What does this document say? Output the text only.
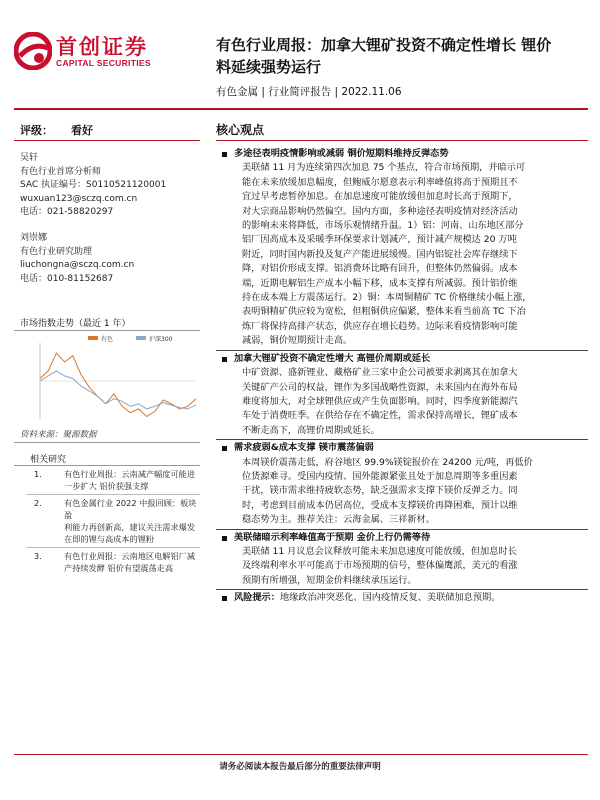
首创证券
CAPITAL SECURITIES
有色行业周报：加拿大锂矿投资不确定性增长 锂价
料延续强势运行
有色金属 | 行业简评报告 | 2022.11.06
评级： 看好	核心观点
吴轩
有色行业首席分析师
SAC 执证编号：S0110521120001
wuxuan123@sczq.com.cn
电话：021-58820297
刘崇娜
有色行业研究助理
liuchongna@sczq.com.cn
电话：010-81152687
市场指数走势（最近 1 年）
有色	沪深300
资料来源：聚源数据
相关研究
1.	有色行业周报：云南减产幅度可能进
一步扩大 铝价获强支撑
2.	有色金属行业 2022 中报回顾：板块盈
利能力再创新高，建议关注需求爆发
在即的锂与高成本的锂粉
3.	有色行业周报：云南地区电解铝厂减
产持续发酵 铝价有望震荡走高
多途径表明疫情影响或减弱 铜价短期料维持反弹态势
美联储 11 月为连续第四次加息 75 个基点，符合市场预期，并暗示可
能在未来放缓加息幅度，但鲍威尔愿意表示利率峰值将高于预期且不
宜过早考虑暂停加息。在加息速度可能放缓但加息时长高于预期下，
对大宗商品影响仍然偏空。国内方面，多种途径表明疫情对经济活动
的影响未来将降低，市场乐观情绪升温。1）铝：河南、山东地区部分
铝厂因高成本及采暖季环保要求计划减产，预计减产规模达 20 万吨
附近，同时国内新投及复产产能进展缓慢。国内铝锭社会库存继续下
降，对铝价形成支撑。铝消费环比略有回升，但整体仍然偏弱。成本
端，近期电解铝生产成本小幅下移，成本支撑有所减弱。预计铝价维
持在成本端上方震荡运行。2）铜：本周铜精矿 TC 价格继续小幅上涨，
表明铜精矿供应较为宽松，但粗铜供应偏紧，整体来看当前高 TC 下冶
炼厂将保持高排产状态，供应存在增长趋势。边际来看疫情影响可能
减弱，铜价短期预计走高。
加拿大锂矿投资不确定性增大 高锂价周期或延长
中矿资源、盛新锂业、藏格矿业三家中企公司被要求剥离其在加拿大
关键矿产公司的权益，锂作为多国战略性资源，未来国内在海外布局
难度将加大，对全球锂供应或产生负面影响。同时，四季度新能源汽
车处于消费旺季。在供给存在不确定性，需求保持高增长，锂矿成本
不断走高下，高锂价周期或延长。
需求疲弱&成本支撑 镁市震荡偏弱
本周镁价震荡走低，府谷地区 99.9%镁锭报价在 24200 元/吨，再低价
位货源难寻。受国内疫情、国外能源紧张且处于加息周期等多重因素
干扰，镁市需求维持疲软态势，缺乏强需求支撑下镁价反弹乏力。同
时，考虑到目前成本仍居高位，受成本支撑镁价再降困难，预计以维
稳态势为主。推荐关注：云海金属、三祥新材。
美联储暗示利率峰值高于预期 金价上行仍需等待
美联储 11 月议息会议释放可能未来加息速度可能放缓，但加息时长
及终端利率水平可能高于市场预期的信号，整体偏鹰派，美元的看涨
预期有所增强，短期金价料继续承压运行。
风险提示：地缘政治冲突恶化、国内疫情反复、美联储加息预期。
请务必阅读本报告最后部分的重要法律声明
